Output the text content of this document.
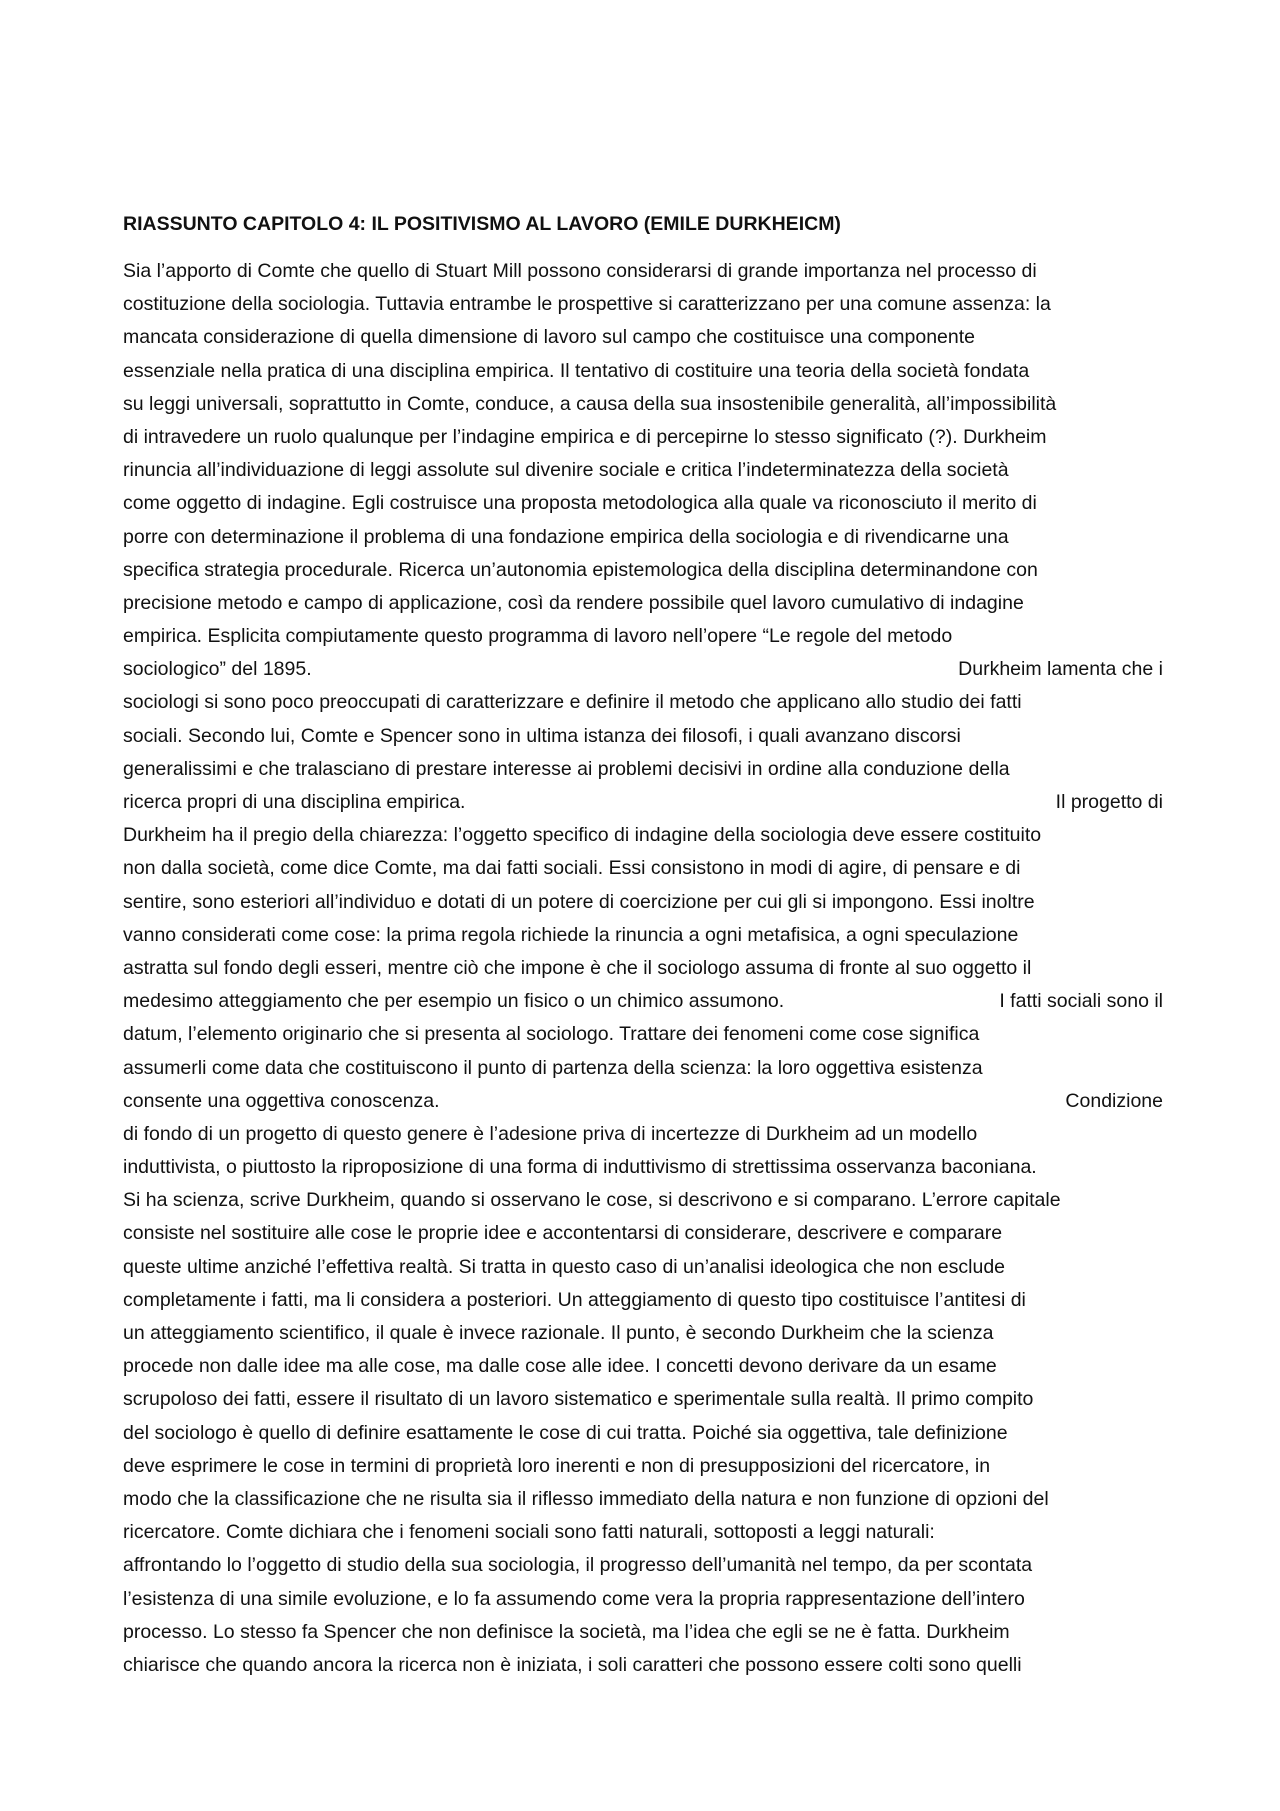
RIASSUNTO CAPITOLO 4: IL POSITIVISMO AL LAVORO (EMILE DURKHEICM)
Sia l’apporto di Comte che quello di Stuart Mill possono considerarsi di grande importanza nel processo di
costituzione della sociologia. Tuttavia entrambe le prospettive si caratterizzano per una comune assenza: la
mancata considerazione di quella dimensione di lavoro sul campo che costituisce una componente
essenziale nella pratica di una disciplina empirica. Il tentativo di costituire una teoria della società fondata
su leggi universali, soprattutto in Comte, conduce, a causa della sua insostenibile generalità, all’impossibilità
di intravedere un ruolo qualunque per l’indagine empirica e di percepirne lo stesso significato (?). Durkheim
rinuncia all’individuazione di leggi assolute sul divenire sociale e critica l’indeterminatezza della società
come oggetto di indagine. Egli costruisce una proposta metodologica alla quale va riconosciuto il merito di
porre con determinazione il problema di una fondazione empirica della sociologia e di rivendicarne una
specifica strategia procedurale. Ricerca un’autonomia epistemologica della disciplina determinandone con
precisione metodo e campo di applicazione, così da rendere possibile quel lavoro cumulativo di indagine
empirica. Esplicita compiutamente questo programma di lavoro nell’opere “Le regole del metodo
sociologico” del 1895.	Durkheim lamenta che i
sociologi si sono poco preoccupati di caratterizzare e definire il metodo che applicano allo studio dei fatti
sociali. Secondo lui, Comte e Spencer sono in ultima istanza dei filosofi, i quali avanzano discorsi
generalissimi e che tralasciano di prestare interesse ai problemi decisivi in ordine alla conduzione della
ricerca propri di una disciplina empirica.	Il progetto di
Durkheim ha il pregio della chiarezza: l’oggetto specifico di indagine della sociologia deve essere costituito
non dalla società, come dice Comte, ma dai fatti sociali. Essi consistono in modi di agire, di pensare e di
sentire, sono esteriori all’individuo e dotati di un potere di coercizione per cui gli si impongono. Essi inoltre
vanno considerati come cose: la prima regola richiede la rinuncia a ogni metafisica, a ogni speculazione
astratta sul fondo degli esseri, mentre ciò che impone è che il sociologo assuma di fronte al suo oggetto il
medesimo atteggiamento che per esempio un fisico o un chimico assumono.	I fatti sociali sono il
datum, l’elemento originario che si presenta al sociologo. Trattare dei fenomeni come cose significa
assumerli come data che costituiscono il punto di partenza della scienza: la loro oggettiva esistenza
consente una oggettiva conoscenza.	Condizione
di fondo di un progetto di questo genere è l’adesione priva di incertezze di Durkheim ad un modello
induttivista, o piuttosto la riproposizione di una forma di induttivismo di strettissima osservanza baconiana.
Si ha scienza, scrive Durkheim, quando si osservano le cose, si descrivono e si comparano. L’errore capitale
consiste nel sostituire alle cose le proprie idee e accontentarsi di considerare, descrivere e comparare
queste ultime anziché l’effettiva realtà. Si tratta in questo caso di un’analisi ideologica che non esclude
completamente i fatti, ma li considera a posteriori. Un atteggiamento di questo tipo costituisce l’antitesi di
un atteggiamento scientifico, il quale è invece razionale. Il punto, è secondo Durkheim che la scienza
procede non dalle idee ma alle cose, ma dalle cose alle idee. I concetti devono derivare da un esame
scrupoloso dei fatti, essere il risultato di un lavoro sistematico e sperimentale sulla realtà. Il primo compito
del sociologo è quello di definire esattamente le cose di cui tratta. Poiché sia oggettiva, tale definizione
deve esprimere le cose in termini di proprietà loro inerenti e non di presupposizioni del ricercatore, in
modo che la classificazione che ne risulta sia il riflesso immediato della natura e non funzione di opzioni del
ricercatore. Comte dichiara che i fenomeni sociali sono fatti naturali, sottoposti a leggi naturali:
affrontando lo l’oggetto di studio della sua sociologia, il progresso dell’umanità nel tempo, da per scontata
l’esistenza di una simile evoluzione, e lo fa assumendo come vera la propria rappresentazione dell’intero
processo. Lo stesso fa Spencer che non definisce la società, ma l’idea che egli se ne è fatta. Durkheim
chiarisce che quando ancora la ricerca non è iniziata, i soli caratteri che possono essere colti sono quelli
